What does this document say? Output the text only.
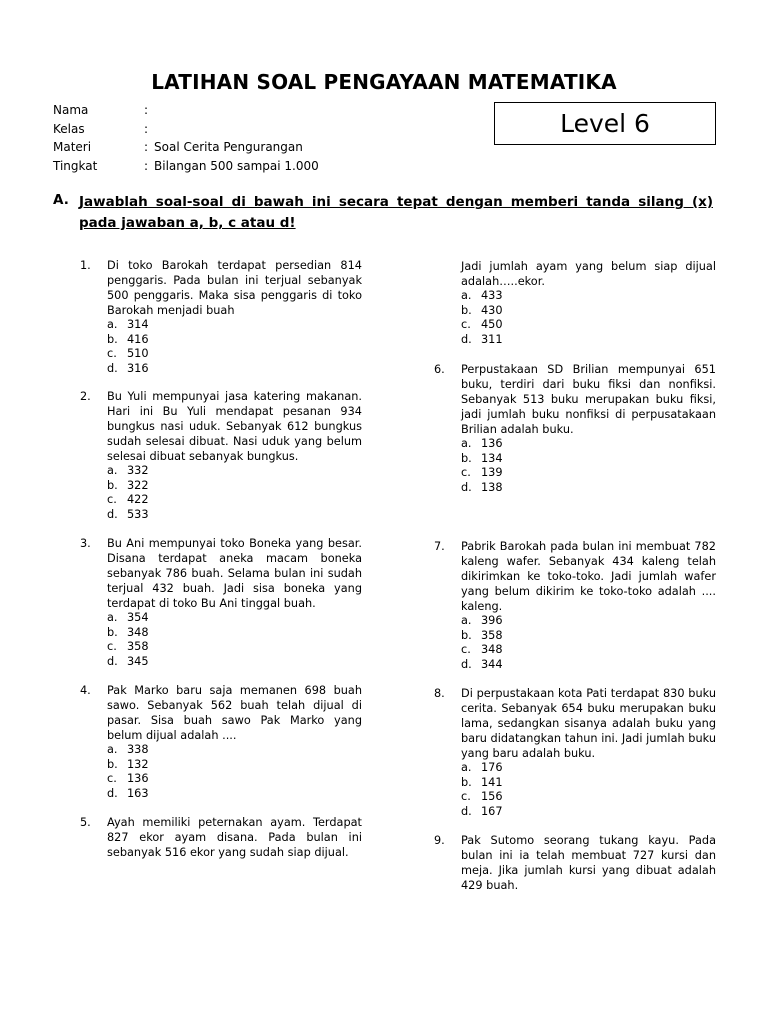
LATIHAN SOAL PENGAYAAN MATEMATIKA
Level 6
Nama	:
Kelas	:
Materi	: Soal Cerita Pengurangan
Tingkat	: Bilangan 500 sampai 1.000
A. Jawablah soal-soal di bawah ini secara tepat dengan memberi tanda silang (x) pada jawaban a, b, c atau d!
1. Di toko Barokah terdapat persedian 814 penggaris. Pada bulan ini terjual sebanyak 500 penggaris. Maka sisa penggaris di toko Barokah menjadi buah
a. 314
b. 416
c. 510
d. 316
2. Bu Yuli mempunyai jasa katering makanan. Hari ini Bu Yuli mendapat pesanan 934 bungkus nasi uduk. Sebanyak 612 bungkus sudah selesai dibuat. Nasi uduk yang belum selesai dibuat sebanyak bungkus.
a. 332
b. 322
c. 422
d. 533
3. Bu Ani mempunyai toko Boneka yang besar. Disana terdapat aneka macam boneka sebanyak 786 buah. Selama bulan ini sudah terjual 432 buah. Jadi sisa boneka yang terdapat di toko Bu Ani tinggal buah.
a. 354
b. 348
c. 358
d. 345
4. Pak Marko baru saja memanen 698 buah sawo. Sebanyak 562 buah telah dijual di pasar. Sisa buah sawo Pak Marko yang belum dijual adalah ....
a. 338
b. 132
c. 136
d. 163
5. Ayah memiliki peternakan ayam. Terdapat 827 ekor ayam disana. Pada bulan ini sebanyak 516 ekor yang sudah siap dijual.
Jadi jumlah ayam yang belum siap dijual adalah…..ekor.
a. 433
b. 430
c. 450
d. 311
6. Perpustakaan SD Brilian mempunyai 651 buku, terdiri dari buku fiksi dan nonfiksi. Sebanyak 513 buku merupakan buku fiksi, jadi jumlah buku nonfiksi di perpusatakaan Brilian adalah buku.
a. 136
b. 134
c. 139
d. 138
7. Pabrik Barokah pada bulan ini membuat 782 kaleng wafer. Sebanyak 434 kaleng telah dikirimkan ke toko-toko. Jadi jumlah wafer yang belum dikirim ke toko-toko adalah .... kaleng.
a. 396
b. 358
c. 348
d. 344
8. Di perpustakaan kota Pati terdapat 830 buku cerita. Sebanyak 654 buku merupakan buku lama, sedangkan sisanya adalah buku yang baru didatangkan tahun ini. Jadi jumlah buku yang baru adalah buku.
a. 176
b. 141
c. 156
d. 167
9. Pak Sutomo seorang tukang kayu. Pada bulan ini ia telah membuat 727 kursi dan meja. Jika jumlah kursi yang dibuat adalah 429 buah.
